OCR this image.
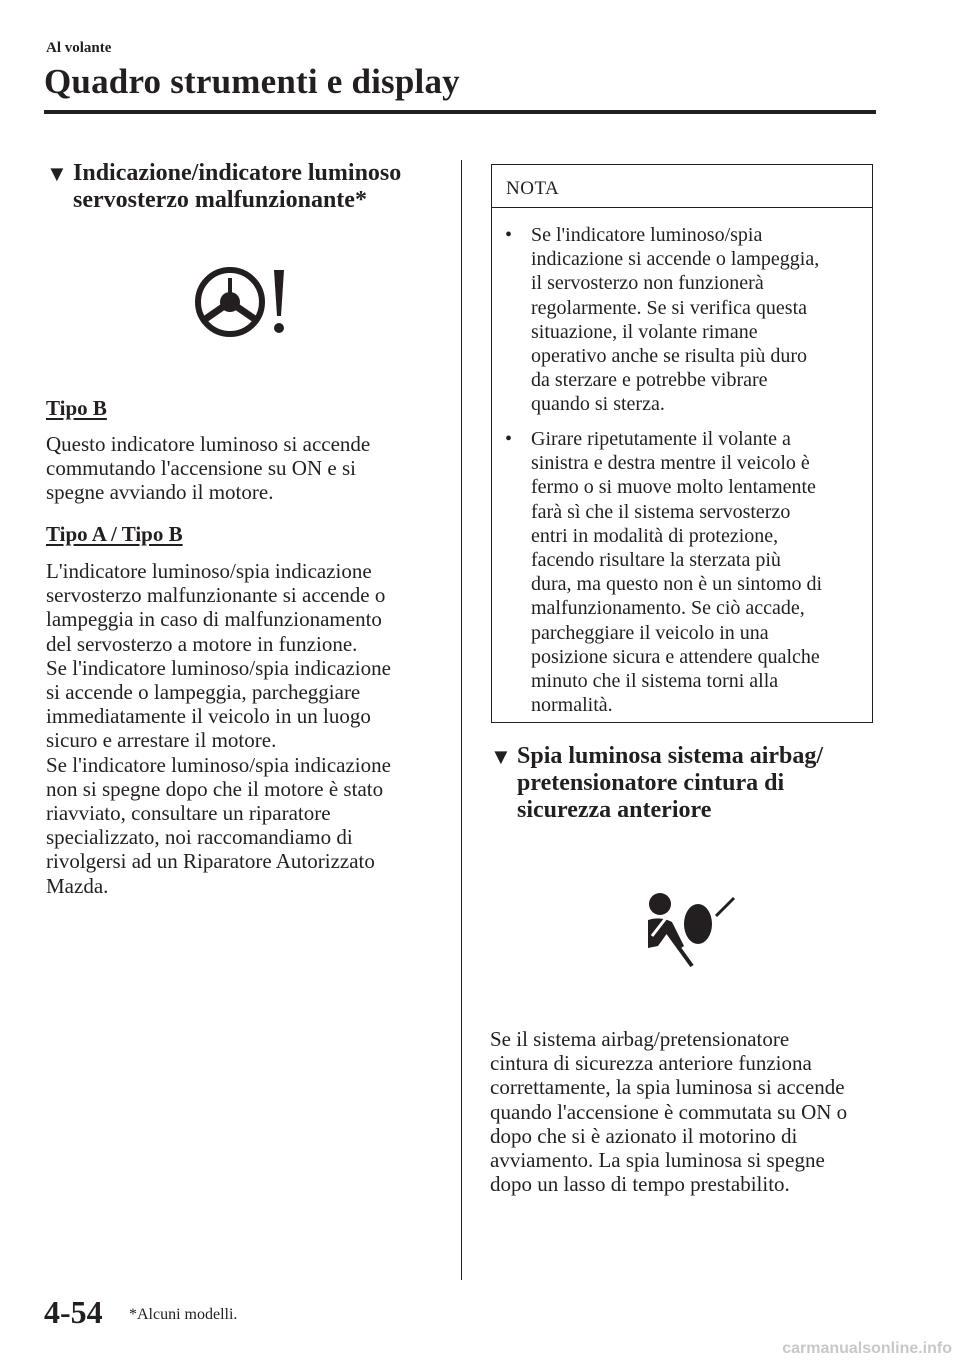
Al volante
Quadro strumenti e display
▼ Indicazione/indicatore luminoso
servosterzo malfunzionante*
Tipo B
Questo indicatore luminoso si accende
commutando l'accensione su ON e si
spegne avviando il motore.
Tipo A / Tipo B
L'indicatore luminoso/spia indicazione
servosterzo malfunzionante si accende o
lampeggia in caso di malfunzionamento
del servosterzo a motore in funzione.
Se l'indicatore luminoso/spia indicazione
si accende o lampeggia, parcheggiare
immediatamente il veicolo in un luogo
sicuro e arrestare il motore.
Se l'indicatore luminoso/spia indicazione
non si spegne dopo che il motore è stato
riavviato, consultare un riparatore
specializzato, noi raccomandiamo di
rivolgersi ad un Riparatore Autorizzato
Mazda.
NOTA
• Se l'indicatore luminoso/spia
indicazione si accende o lampeggia,
il servosterzo non funzionerà
regolarmente. Se si verifica questa
situazione, il volante rimane
operativo anche se risulta più duro
da sterzare e potrebbe vibrare
quando si sterza.
• Girare ripetutamente il volante a
sinistra e destra mentre il veicolo è
fermo o si muove molto lentamente
farà sì che il sistema servosterzo
entri in modalità di protezione,
facendo risultare la sterzata più
dura, ma questo non è un sintomo di
malfunzionamento. Se ciò accade,
parcheggiare il veicolo in una
posizione sicura e attendere qualche
minuto che il sistema torni alla
normalità.
▼ Spia luminosa sistema airbag/
pretensionatore cintura di
sicurezza anteriore
Se il sistema airbag/pretensionatore
cintura di sicurezza anteriore funziona
correttamente, la spia luminosa si accende
quando l'accensione è commutata su ON o
dopo che si è azionato il motorino di
avviamento. La spia luminosa si spegne
dopo un lasso di tempo prestabilito.
4-54 *Alcuni modelli.
carmanualsonline.info
